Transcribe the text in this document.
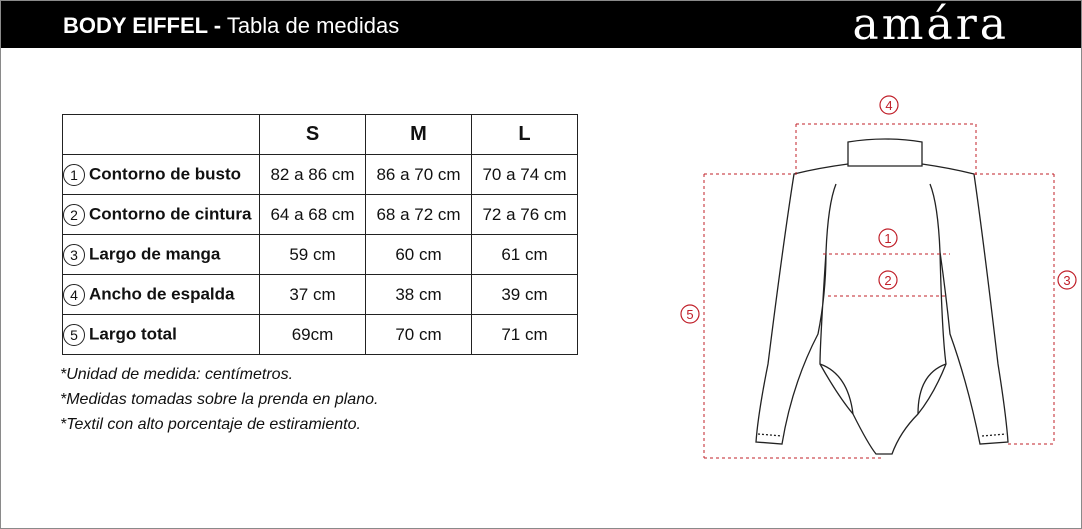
BODY EIFFEL - Tabla de medidas	amára
	S	M	L
1 Contorno de busto	82 a 86 cm	86 a 70 cm	70 a 74 cm
2 Contorno de cintura	64 a 68 cm	68 a 72 cm	72 a 76 cm
3 Largo de manga	59 cm	60 cm	61 cm
4 Ancho de espalda	37 cm	38 cm	39 cm
5 Largo total	69cm	70 cm	71 cm
*Unidad de medida: centímetros.
*Medidas tomadas sobre la prenda en plano.
*Textil con alto porcentaje de estiramiento.
4
1
2	3
5
